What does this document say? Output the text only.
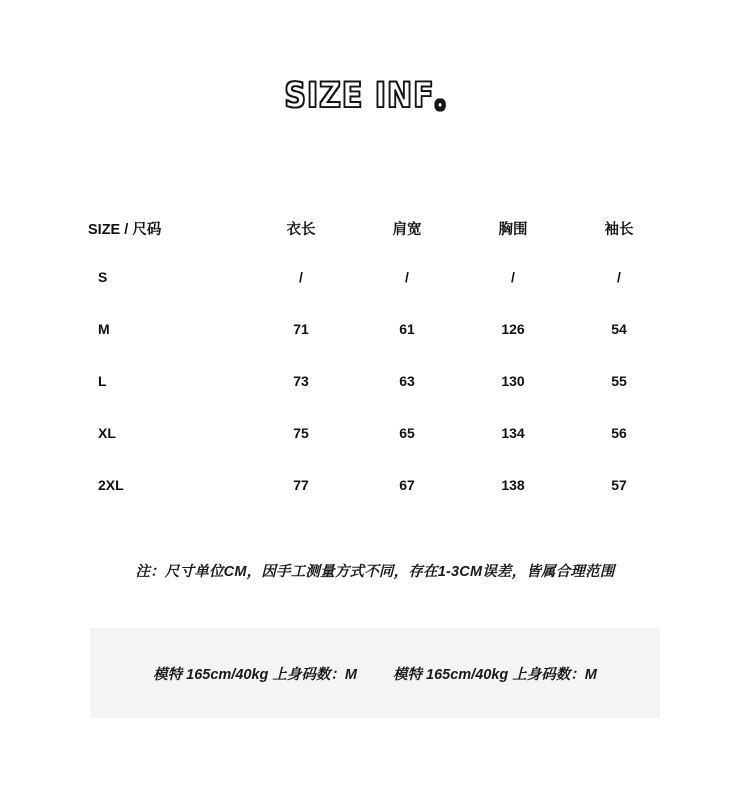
SIZE INF。
SIZE / 尺码	衣长	肩宽	胸围	袖长
S	/	/	/	/
M	71	61	126	54
L	73	63	130	55
XL	75	65	134	56
2XL	77	67	138	57
注：尺寸单位CM，因手工测量方式不同，存在1-3CM误差，皆属合理范围
模特 165cm/40kg 上身码数：M 模特 165cm/40kg 上身码数：M
